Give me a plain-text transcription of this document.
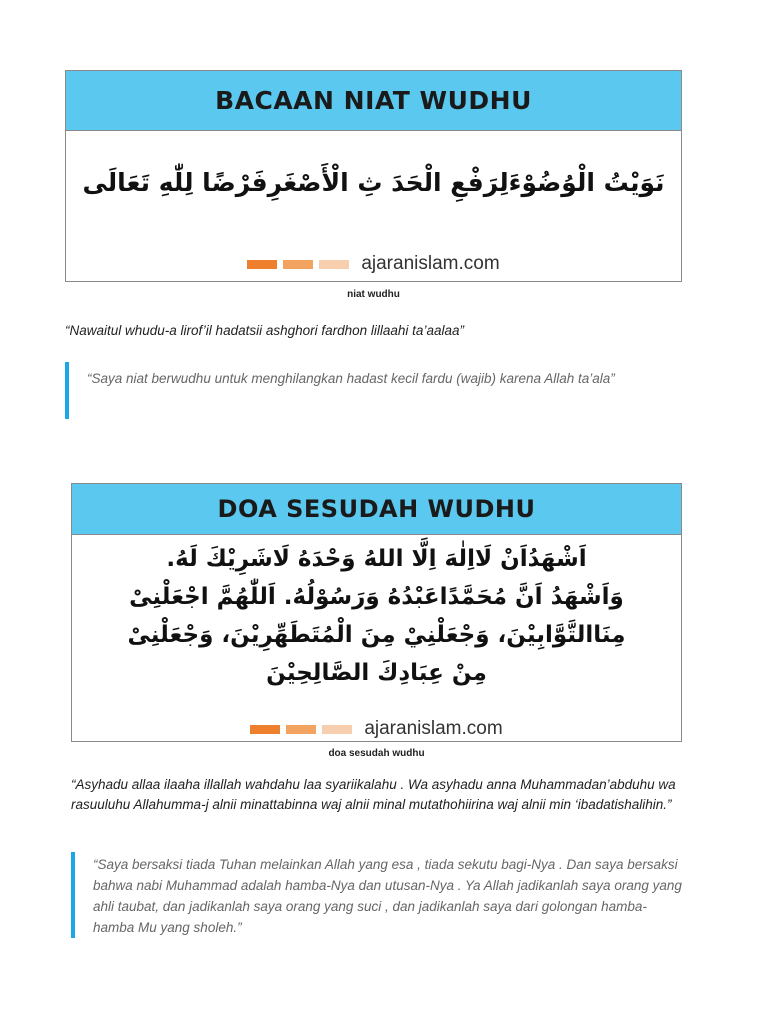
BACAAN NIAT WUDHU
نَوَيْتُ الْوُضُوْءَلِرَفْعِ الْحَدَ ثِ الْأَصْغَرِفَرْضًا لِلّٰهِ تَعَالَى
ajaranislam.com
niat wudhu
“Nawaitul whudu-a lirof’il hadatsii ashghori fardhon lillaahi ta’aalaa”
“Saya niat berwudhu untuk menghilangkan hadast kecil fardu (wajib) karena Allah ta’ala”
DOA SESUDAH WUDHU
اَشْهَدُاَنْ لَااِلٰهَ اِلَّا اللهُ وَحْدَهُ لَاشَرِيْكَ لَهُ.
وَاَشْهَدُ اَنَّ مُحَمَّدًاعَبْدُهُ وَرَسُوْلُهُ. اَللّٰهُمَّ اجْعَلْنِىْ
مِنَاالتَّوَّابِيْنَ، وَجْعَلْنِيْ مِنَ الْمُتَطَهِّرِيْنَ، وَجْعَلْنِىْ
مِنْ عِبَادِكَ الصَّالِحِيْنَ
ajaranislam.com
doa sesudah wudhu
“Asyhadu allaa ilaaha illallah wahdahu laa syariikalahu . Wa asyhadu anna Muhammadan’abduhu wa rasuuluhu Allahumma-j alnii minattabinna waj alnii minal mutathohiirina waj alnii min ‘ibadatishalihin.”
“Saya bersaksi tiada Tuhan melainkan Allah yang esa , tiada sekutu bagi-Nya . Dan saya bersaksi bahwa nabi Muhammad adalah hamba-Nya dan utusan-Nya . Ya Allah jadikanlah saya orang yang ahli taubat, dan jadikanlah saya orang yang suci , dan jadikanlah saya dari golongan hamba-hamba Mu yang sholeh.”
